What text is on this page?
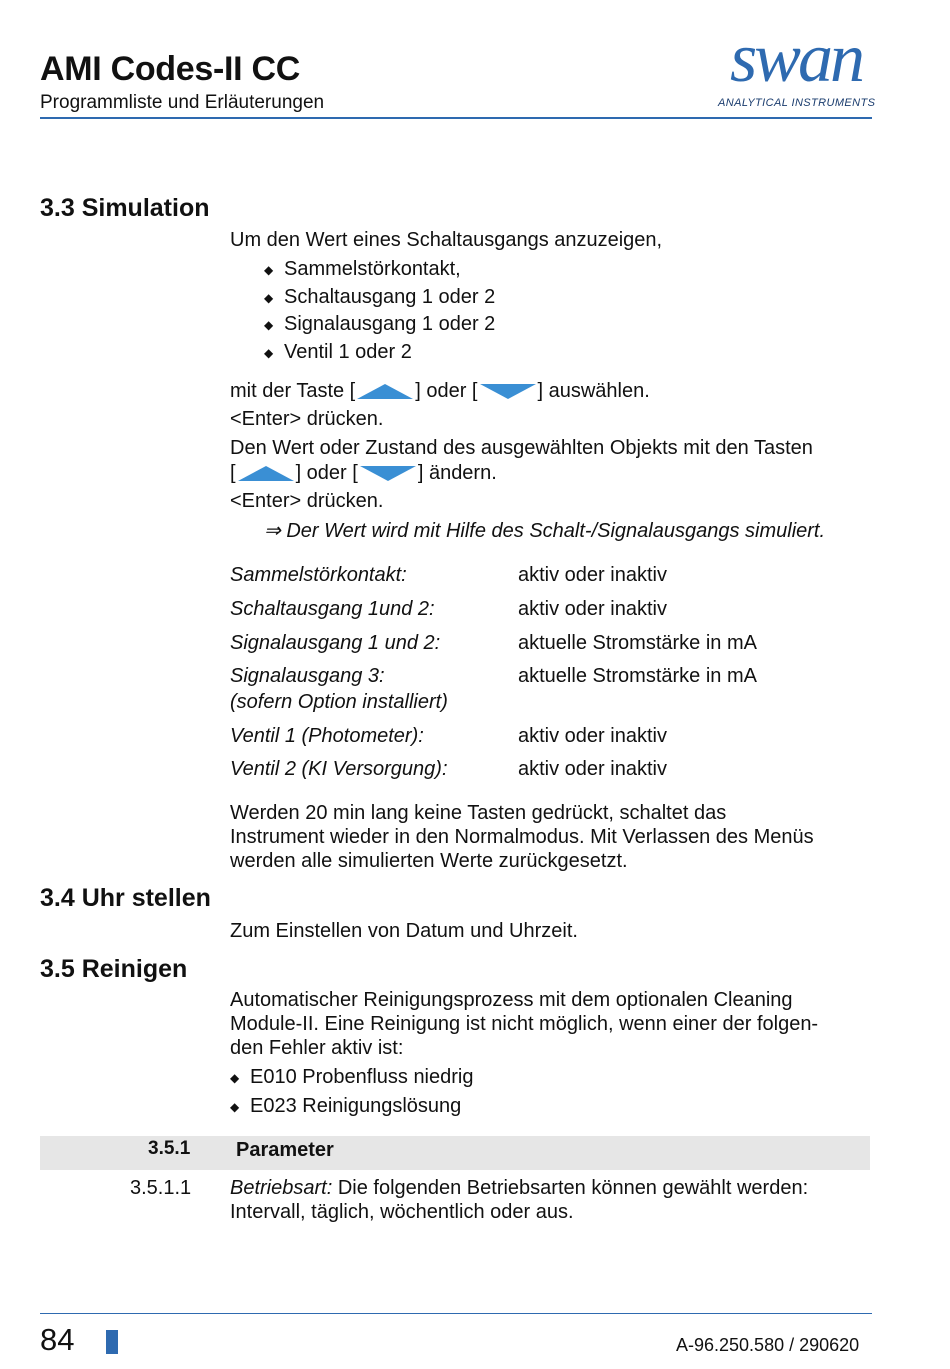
AMI Codes-II CC
Programmliste und Erläuterungen
swan
ANALYTICAL INSTRUMENTS
3.3 Simulation
Um den Wert eines Schaltausgangs anzuzeigen,
◆ Sammelstörkontakt,
◆ Schaltausgang 1 oder 2
◆ Signalausgang 1 oder 2
◆ Ventil 1 oder 2
mit der Taste [	] oder [	] auswählen.
<Enter> drücken.
Den Wert oder Zustand des ausgewählten Objekts mit den Tasten
[	] oder [	] ändern.
<Enter> drücken.
⇒ Der Wert wird mit Hilfe des Schalt-/Signalausgangs simuliert.
Sammelstörkontakt:	aktiv oder inaktiv
Schaltausgang 1und 2:	aktiv oder inaktiv
Signalausgang 1 und 2:	aktuelle Stromstärke in mA
Signalausgang 3:	aktuelle Stromstärke in mA
(sofern Option installiert)
Ventil 1 (Photometer):	aktiv oder inaktiv
Ventil 2 (KI Versorgung):	aktiv oder inaktiv
Werden 20 min lang keine Tasten gedrückt, schaltet das
Instrument wieder in den Normalmodus. Mit Verlassen des Menüs
werden alle simulierten Werte zurückgesetzt.
3.4 Uhr stellen
Zum Einstellen von Datum und Uhrzeit.
3.5 Reinigen
Automatischer Reinigungsprozess mit dem optionalen Cleaning
Module-II. Eine Reinigung ist nicht möglich, wenn einer der folgen-
den Fehler aktiv ist:
◆ E010 Probenfluss niedrig
◆ E023 Reinigungslösung
3.5.1 Parameter
3.5.1.1 Betriebsart: Die folgenden Betriebsarten können gewählt werden:
Intervall, täglich, wöchentlich oder aus.
84	A-96.250.580 / 290620
